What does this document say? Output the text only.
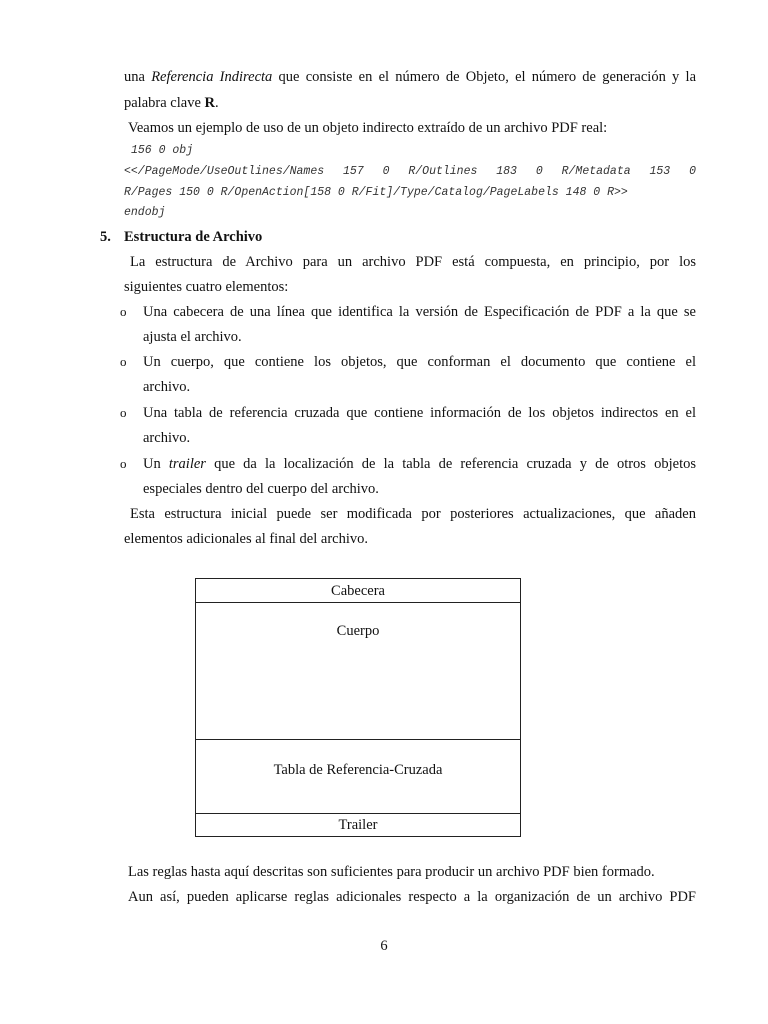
una Referencia Indirecta que consiste en el número de Objeto, el número de generación y la
palabra clave R.
Veamos un ejemplo de uso de un objeto indirecto extraído de un archivo PDF real:
156 0 obj
<</PageMode/UseOutlines/Names 157 0 R/Outlines 183 0 R/Metadata 153 0
R/Pages 150 0 R/OpenAction[158 0 R/Fit]/Type/Catalog/PageLabels 148 0 R>>
endobj
5. Estructura de Archivo
La estructura de Archivo para un archivo PDF está compuesta, en principio, por los
siguientes cuatro elementos:
o Una cabecera de una línea que identifica la versión de Especificación de PDF a la que se
ajusta el archivo.
o Un cuerpo, que contiene los objetos, que conforman el documento que contiene el
archivo.
o Una tabla de referencia cruzada que contiene información de los objetos indirectos en el
archivo.
o Un trailer que da la localización de la tabla de referencia cruzada y de otros objetos
especiales dentro del cuerpo del archivo.
Esta estructura inicial puede ser modificada por posteriores actualizaciones, que añaden
elementos adicionales al final del archivo.
Cabecera
Cuerpo
Tabla de Referencia-Cruzada
Trailer
Las reglas hasta aquí descritas son suficientes para producir un archivo PDF bien formado.
Aun así, pueden aplicarse reglas adicionales respecto a la organización de un archivo PDF
6
